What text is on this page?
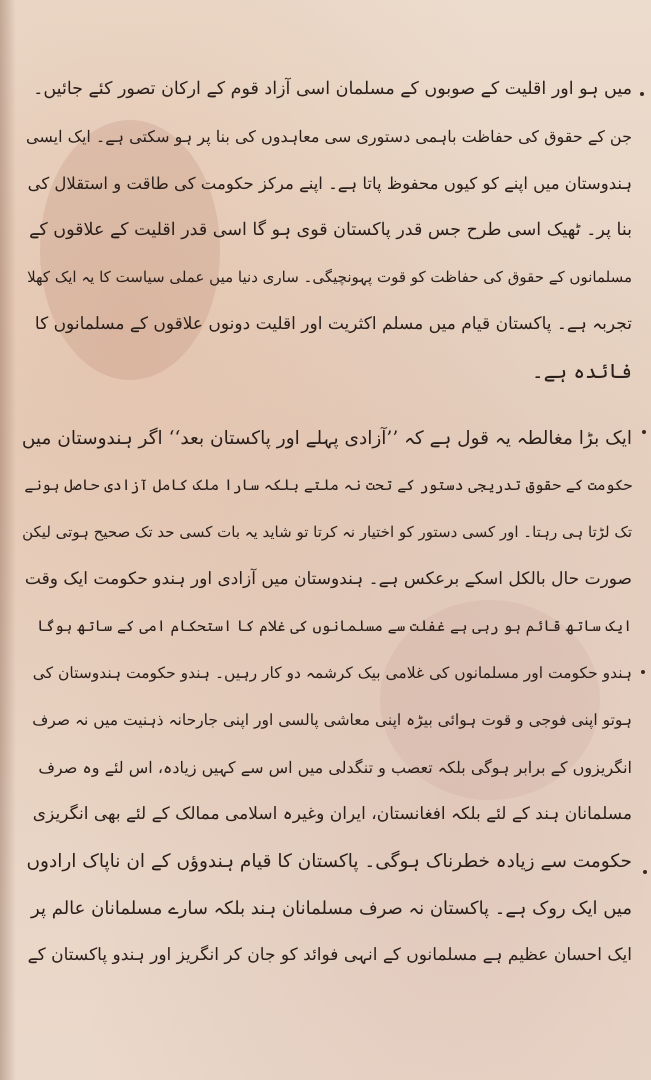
میں ہو اور اقلیت کے صوبوں کے مسلمان اسی آزاد قوم کے ارکان تصور کئے جائیں۔
جن کے حقوق کی حفاظت باہمی دستوری سی معاہدوں کی بنا پر ہو سکتی ہے۔ ایک ایسی
ہندوستان میں اپنے کو کیوں محفوظ پاتا ہے۔ اپنے مرکز حکومت کی طاقت و استقلال کی
بنا پر۔ ٹھیک اسی طرح جس قدر پاکستان قوی ہو گا اسی قدر اقلیت کے علاقوں کے
مسلمانوں کے حقوق کی حفاظت کو قوت پہونچیگی۔ ساری دنیا میں عملی سیاست کا یہ ایک کھلا
تجربہ ہے۔ پاکستان قیام میں مسلم اکثریت اور اقلیت دونوں علاقوں کے مسلمانوں کا
فائدہ ہے۔
ایک بڑا مغالطہ یہ قول ہے کہ ’’آزادی پہلے اور پاکستان بعد‘‘ اگر ہندوستان میں
حکومت کے حقوق تدریجی دستور کے تحت نہ ملتے بلکہ سارا ملک کامل آزادی حاصل ہونے
تک لڑتا ہی رہتا۔ اور کسی دستور کو اختیار نہ کرتا تو شاید یہ بات کسی حد تک صحیح ہوتی لیکن
صورت حال بالکل اسکے برعکس ہے۔ ہندوستان میں آزادی اور ہندو حکومت ایک وقت
ایک ساتھ قائم ہو رہی ہے غفلت سے مسلمانوں کی غلام کا استحکام امی کے ساتھ ہوگا
ہندو حکومت اور مسلمانوں کی غلامی بیک کرشمہ دو کار رہیں۔ ہندو حکومت ہندوستان کی
ہوتو اپنی فوجی و قوت ہوائی بیڑہ اپنی معاشی پالسی اور اپنی جارحانہ ذہنیت میں نہ صرف
انگریزوں کے برابر ہوگی بلکہ تعصب و تنگدلی میں اس سے کہیں زیادہ، اس لئے وہ صرف
مسلمانان ہند کے لئے بلکہ افغانستان، ایران وغیرہ اسلامی ممالک کے لئے بھی انگریزی
حکومت سے زیادہ خطرناک ہوگی۔ پاکستان کا قیام ہندوؤں کے ان ناپاک ارادوں
میں ایک روک ہے۔ پاکستان نہ صرف مسلمانان ہند بلکہ سارے مسلمانان عالم پر
ایک احسان عظیم ہے مسلمانوں کے انہی فوائد کو جان کر انگریز اور ہندو پاکستان کے
